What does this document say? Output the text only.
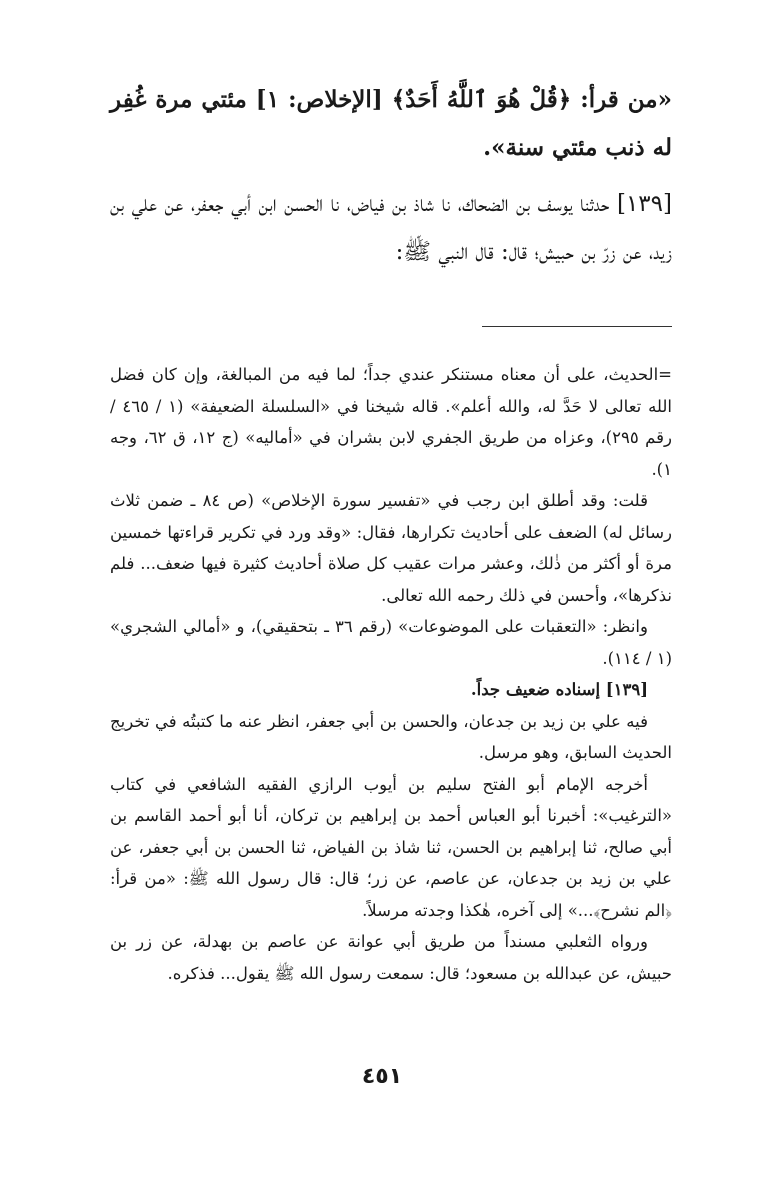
«من قرأ: ﴿قُلْ هُوَ ٱللَّهُ أَحَدٌ﴾ [الإخلاص: ١] مئتي مرة غُفِر له ذنب مئتي سنة».

[١٣٩] حدثنا يوسف بن الضحاك، نا شاذ بن فياض، نا الحسن ابن أبي جعفر، عن علي بن زيد، عن زرّ بن حبيش؛ قال: قال النبي ﷺ:

=الحديث، على أن معناه مستنكر عندي جداً؛ لما فيه من المبالغة، وإن كان فضل الله تعالى لا حَدَّ له، والله أعلم». قاله شيخنا في «السلسلة الضعيفة» (١ / ٤٦٥ / رقم ٢٩٥)، وعزاه من طريق الجفري لابن بشران في «أماليه» (ج ١٢، ق ٦٢، وجه ١).

قلت: وقد أطلق ابن رجب في «تفسير سورة الإخلاص» (ص ٨٤ ـ ضمن ثلاث رسائل له) الضعف على أحاديث تكرارها، فقال: «وقد ورد في تكرير قراءتها خمسين مرة أو أكثر من ذٰلك، وعشر مرات عقيب كل صلاة أحاديث كثيرة فيها ضعف... فلم نذكرها»، وأحسن في ذلك رحمه الله تعالى.

وانظر: «التعقبات على الموضوعات» (رقم ٣٦ ـ بتحقيقي)، و «أمالي الشجري» (١ / ١١٤).

[١٣٩] إسناده ضعيف جداً.

فيه علي بن زيد بن جدعان، والحسن بن أبي جعفر، انظر عنه ما كتبتُه في تخريج الحديث السابق، وهو مرسل.

أخرجه الإمام أبو الفتح سليم بن أيوب الرازي الفقيه الشافعي في كتاب «الترغيب»: أخبرنا أبو العباس أحمد بن إبراهيم بن تركان، أنا أبو أحمد القاسم بن أبي صالح، ثنا إبراهيم بن الحسن، ثنا شاذ بن الفياض، ثنا الحسن بن أبي جعفر، عن علي بن زيد بن جدعان، عن عاصم، عن زر؛ قال: قال رسول الله ﷺ: «من قرأ: ﴿الم نشرح﴾...» إلى آخره، هٰكذا وجدته مرسلاً.

ورواه الثعلبي مسنداً من طريق أبي عوانة عن عاصم بن بهدلة، عن زر بن حبيش، عن عبدالله بن مسعود؛ قال: سمعت رسول الله ﷺ يقول... فذكره.

٤٥١
